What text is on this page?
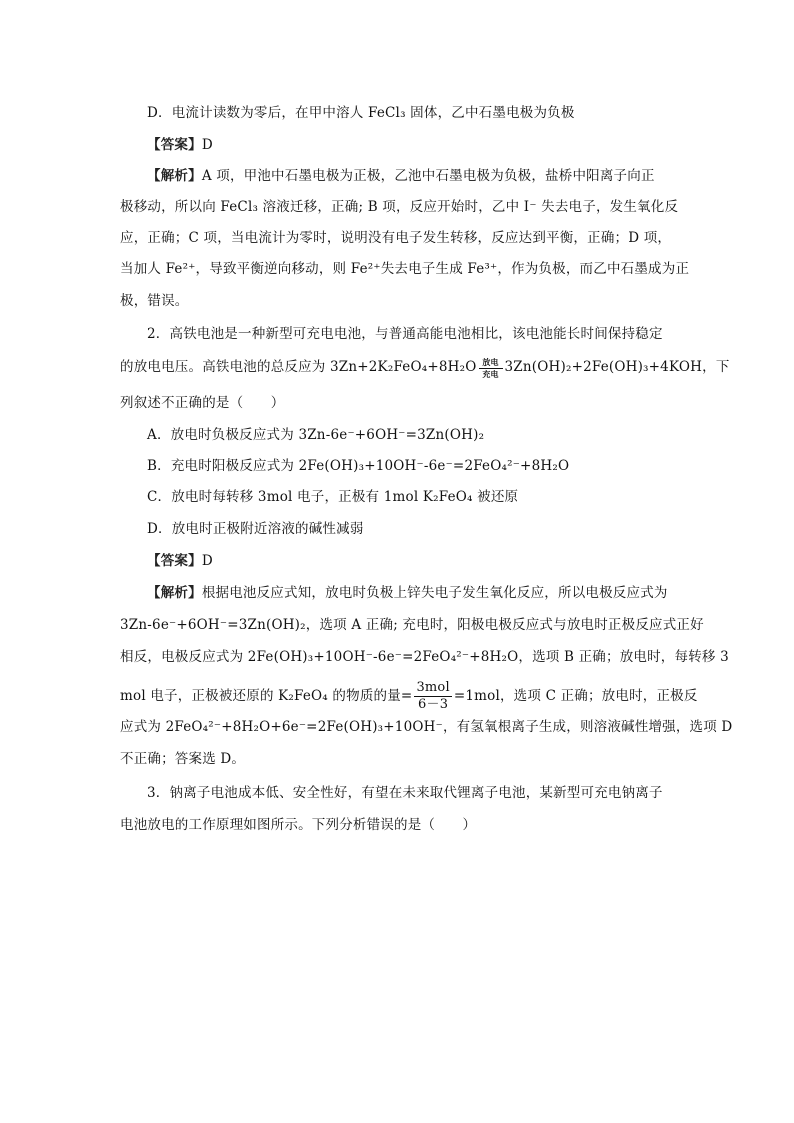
D．电流计读数为零后，在甲中溶人 FeCl₃ 固体，乙中石墨电极为负极
【答案】D
【解析】A 项，甲池中石墨电极为正极，乙池中石墨电极为负极，盐桥中阳离子向正
极移动，所以向 FeCl₃ 溶液迁移，正确; B 项，反应开始时，乙中 I⁻ 失去电子，发生氧化反
应，正确；C 项，当电流计为零时，说明没有电子发生转移，反应达到平衡，正确；D 项，
当加人 Fe²⁺，导致平衡逆向移动，则 Fe²⁺失去电子生成 Fe³⁺，作为负极，而乙中石墨成为正
极，错误。
2．高铁电池是一种新型可充电电池，与普通高能电池相比，该电池能长时间保持稳定
的放电电压。高铁电池的总反应为 3Zn+2K₂FeO₄+8H₂O 放电
充电 3Zn(OH)₂+2Fe(OH)₃+4KOH，下
列叙述不正确的是（　　）
A．放电时负极反应式为 3Zn-6e⁻+6OH⁻=3Zn(OH)₂
B．充电时阳极反应式为 2Fe(OH)₃+10OH⁻-6e⁻=2FeO₄²⁻+8H₂O
C．放电时每转移 3mol 电子，正极有 1mol K₂FeO₄ 被还原
D．放电时正极附近溶液的碱性减弱
【答案】D
【解析】根据电池反应式知，放电时负极上锌失电子发生氧化反应，所以电极反应式为
3Zn-6e⁻+6OH⁻=3Zn(OH)₂，选项 A 正确; 充电时，阳极电极反应式与放电时正极反应式正好
相反，电极反应式为 2Fe(OH)₃+10OH⁻-6e⁻=2FeO₄²⁻+8H₂O，选项 B 正确；放电时，每转移 3
mol 电子，正极被还原的 K₂FeO₄ 的物质的量= $\frac{\text{3mol}}{6-3} =1mol$，选项 C 正确；放电时，正极反
应式为 2FeO₄²⁻+8H₂O+6e⁻=2Fe(OH)₃+10OH⁻，有氢氧根离子生成，则溶液碱性增强，选项 D
不正确；答案选 D。
3．钠离子电池成本低、安全性好，有望在未来取代锂离子电池，某新型可充电钠离子
电池放电的工作原理如图所示。下列分析错误的是（　　）
